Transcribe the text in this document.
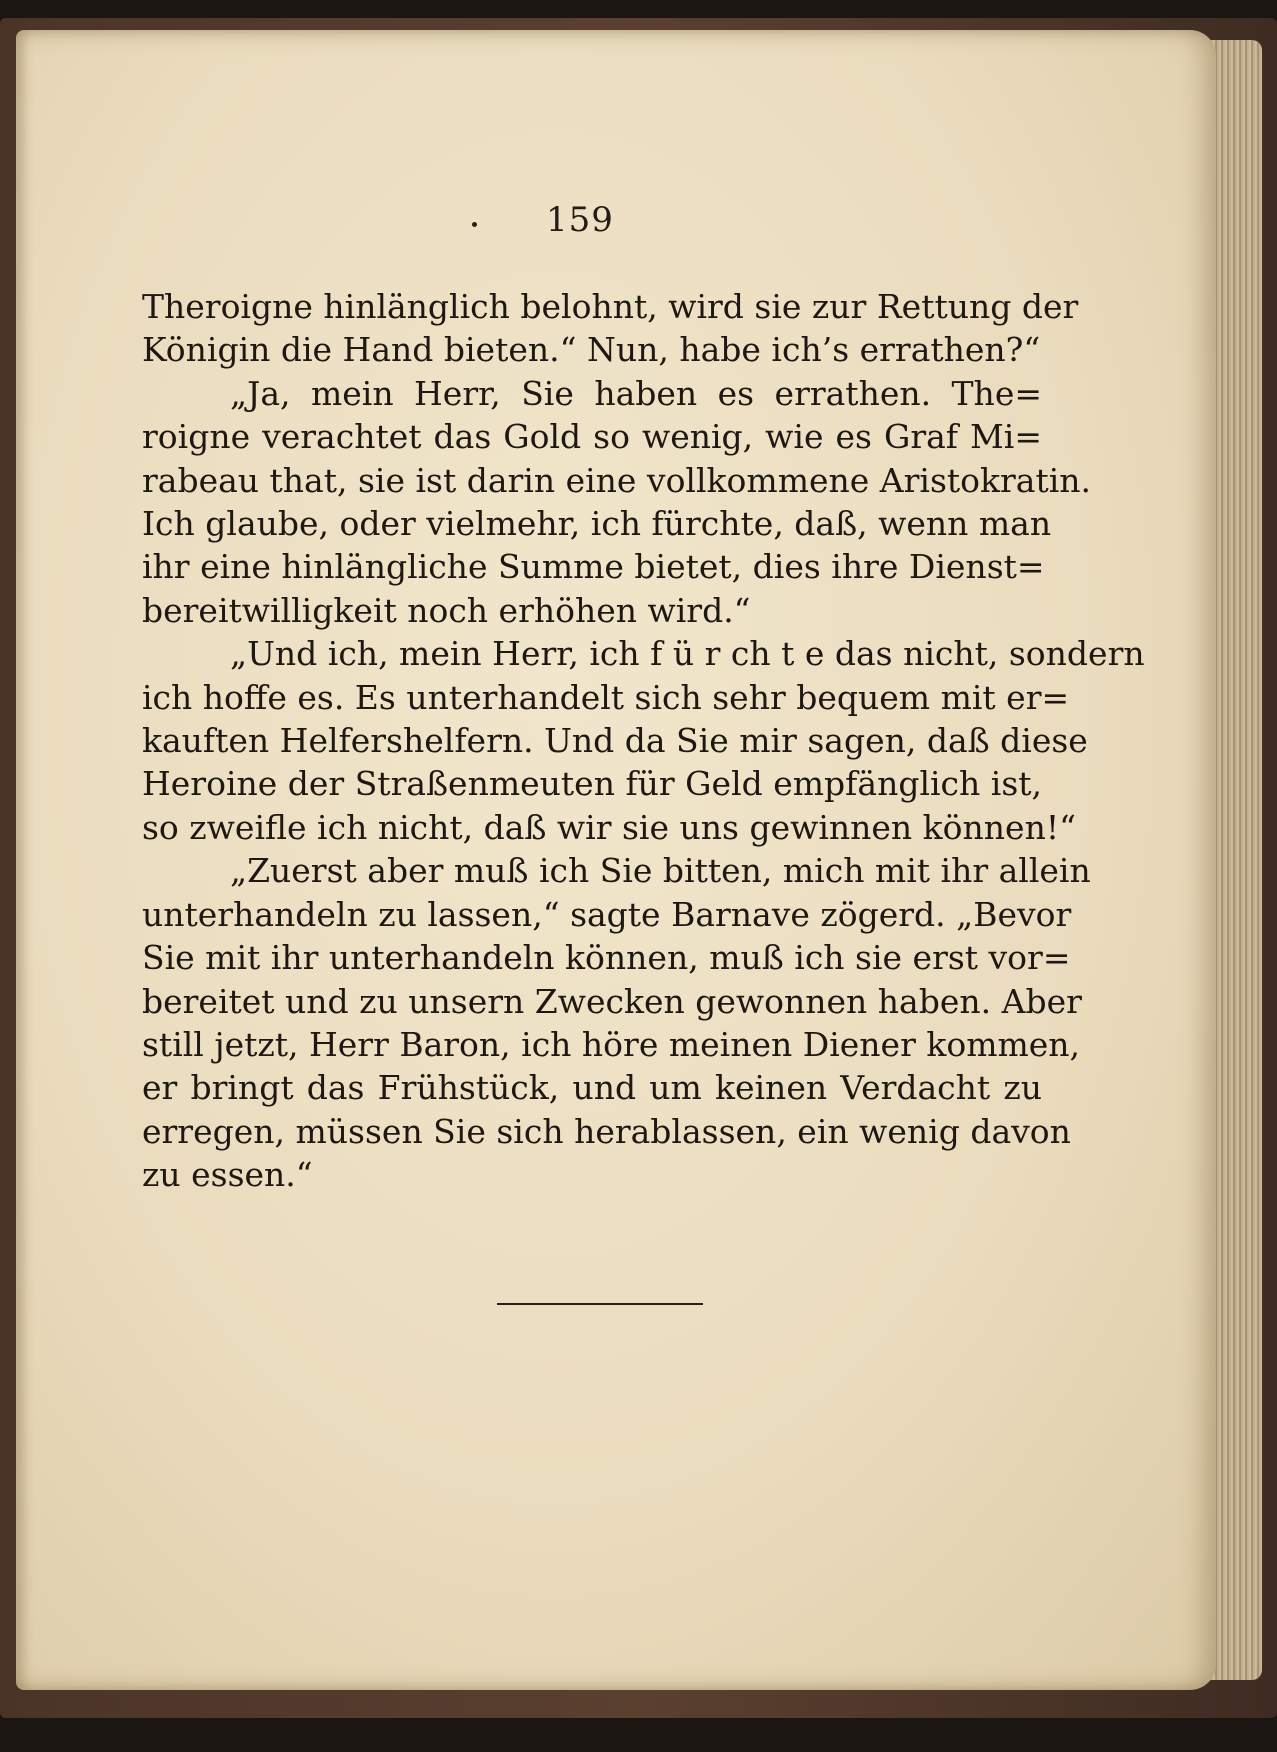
159
Theroigne hinlänglich belohnt, wird sie zur Rettung der
Königin die Hand bieten.“ Nun, habe ich’s errathen?“
„Ja, mein Herr, Sie haben es errathen. The=
roigne verachtet das Gold so wenig, wie es Graf Mi=
rabeau that, sie ist darin eine vollkommene Aristokratin.
Ich glaube, oder vielmehr, ich fürchte, daß, wenn man
ihr eine hinlängliche Summe bietet, dies ihre Dienst=
bereitwilligkeit noch erhöhen wird.“
„Und ich, mein Herr, ich f ü r ch t e das nicht, sondern
ich hoffe es. Es unterhandelt sich sehr bequem mit er=
kauften Helfershelfern. Und da Sie mir sagen, daß diese
Heroine der Straßenmeuten für Geld empfänglich ist,
so zweifle ich nicht, daß wir sie uns gewinnen können!“
„Zuerst aber muß ich Sie bitten, mich mit ihr allein
unterhandeln zu lassen,“ sagte Barnave zögerd. „Bevor
Sie mit ihr unterhandeln können, muß ich sie erst vor=
bereitet und zu unsern Zwecken gewonnen haben. Aber
still jetzt, Herr Baron, ich höre meinen Diener kommen,
er bringt das Frühstück, und um keinen Verdacht zu
erregen, müssen Sie sich herablassen, ein wenig davon
zu essen.“
